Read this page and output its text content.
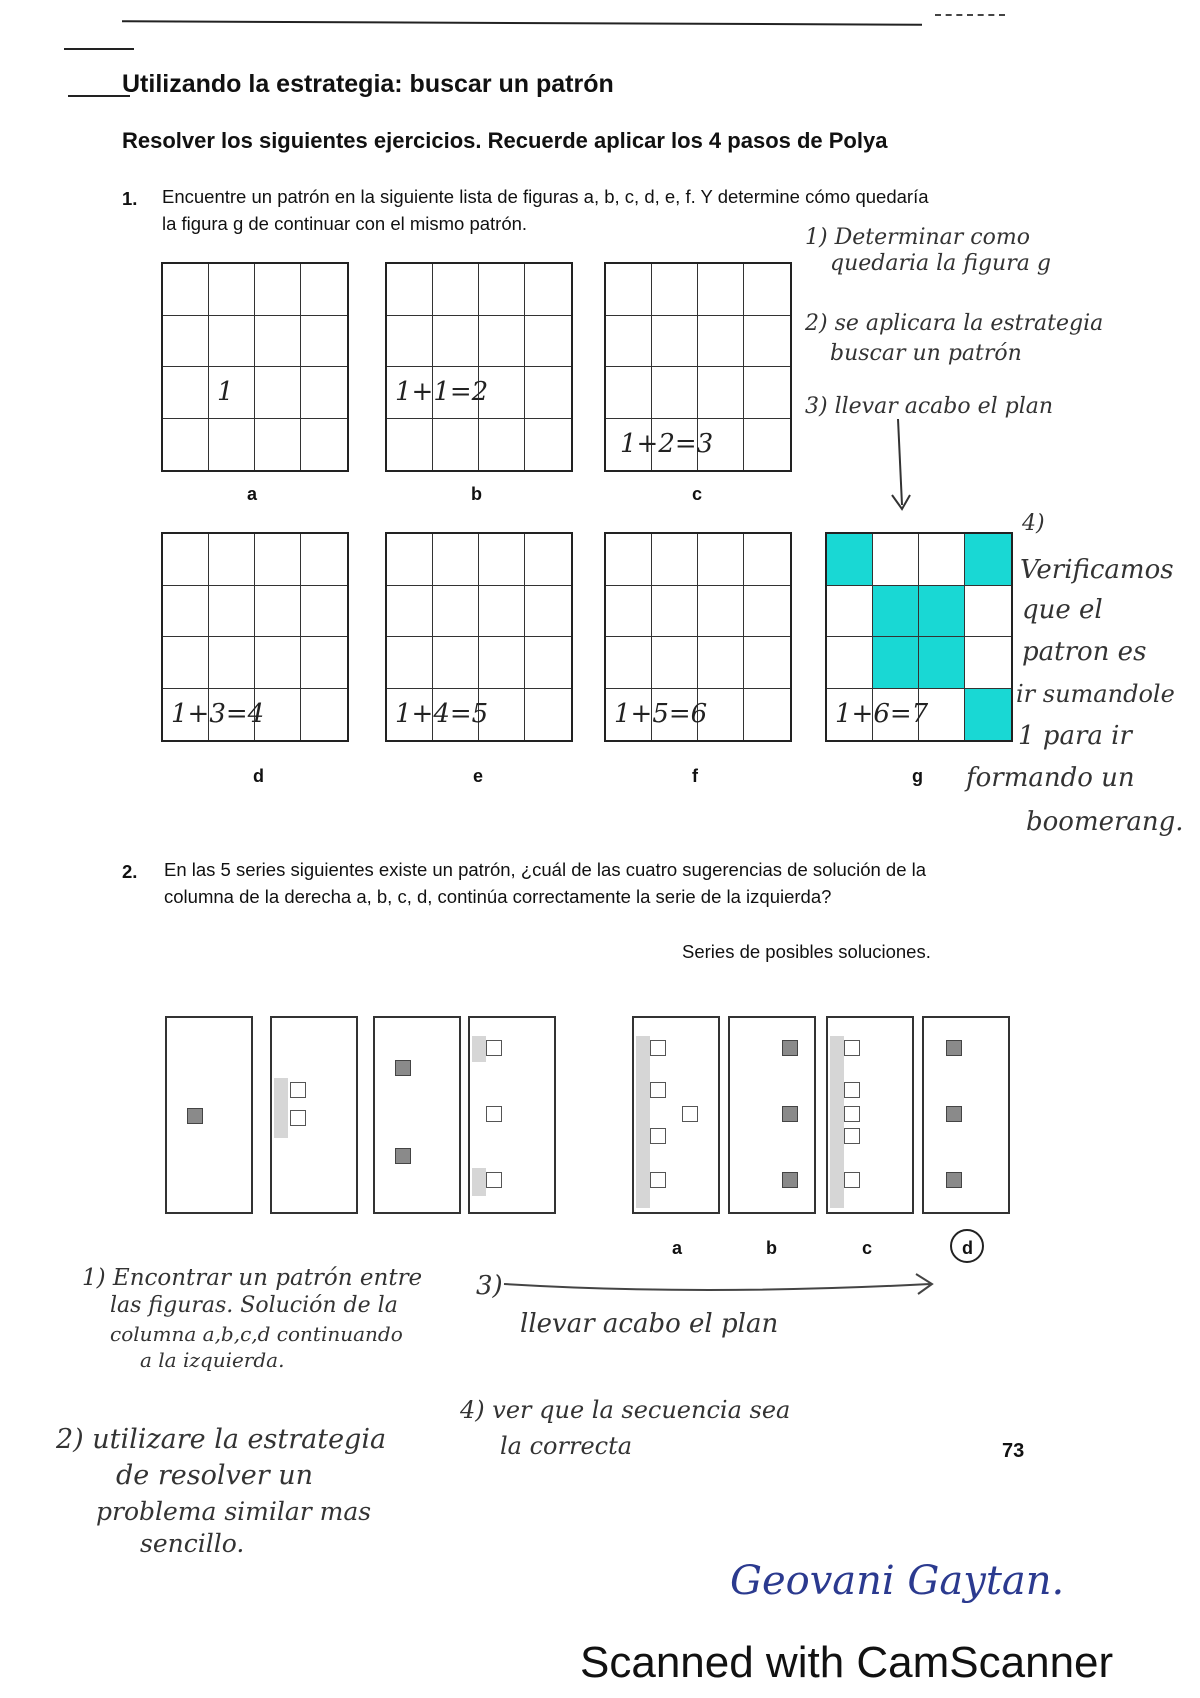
Utilizando la estrategia: buscar un patrón
Resolver los siguientes ejercicios. Recuerde aplicar los 4 pasos de Polya
1. Encuentre un patrón en la siguiente lista de figuras a, b, c, d, e, f. Y determine cómo quedaría
la figura g de continuar con el mismo patrón.
1
a
1+1=2
b
1+2=3
c
1+3=4
d
1+4=5
e
1+5=6
f
1+6=7
g
1) Determinar como
quedaria la figura g
2) se aplicara la estrategia
buscar un patrón
3) llevar acabo el plan
4)
Verificamos
que el
patron es
ir sumandole
1 para ir
formando un
boomerang.
2. En las 5 series siguientes existe un patrón, ¿cuál de las cuatro sugerencias de solución de la
columna de la derecha a, b, c, d, continúa correctamente la serie de la izquierda?
Series de posibles soluciones.
a	b	c	d
1) Encontrar un patrón entre
las figuras. Solución de la
columna a,b,c,d continuando
a la izquierda.
3)
llevar acabo el plan
4) ver que la secuencia sea
la correcta
2) utilizare la estrategia
de resolver un
problema similar mas
sencillo.
73
Geovani Gaytan.
Scanned with CamScanner
